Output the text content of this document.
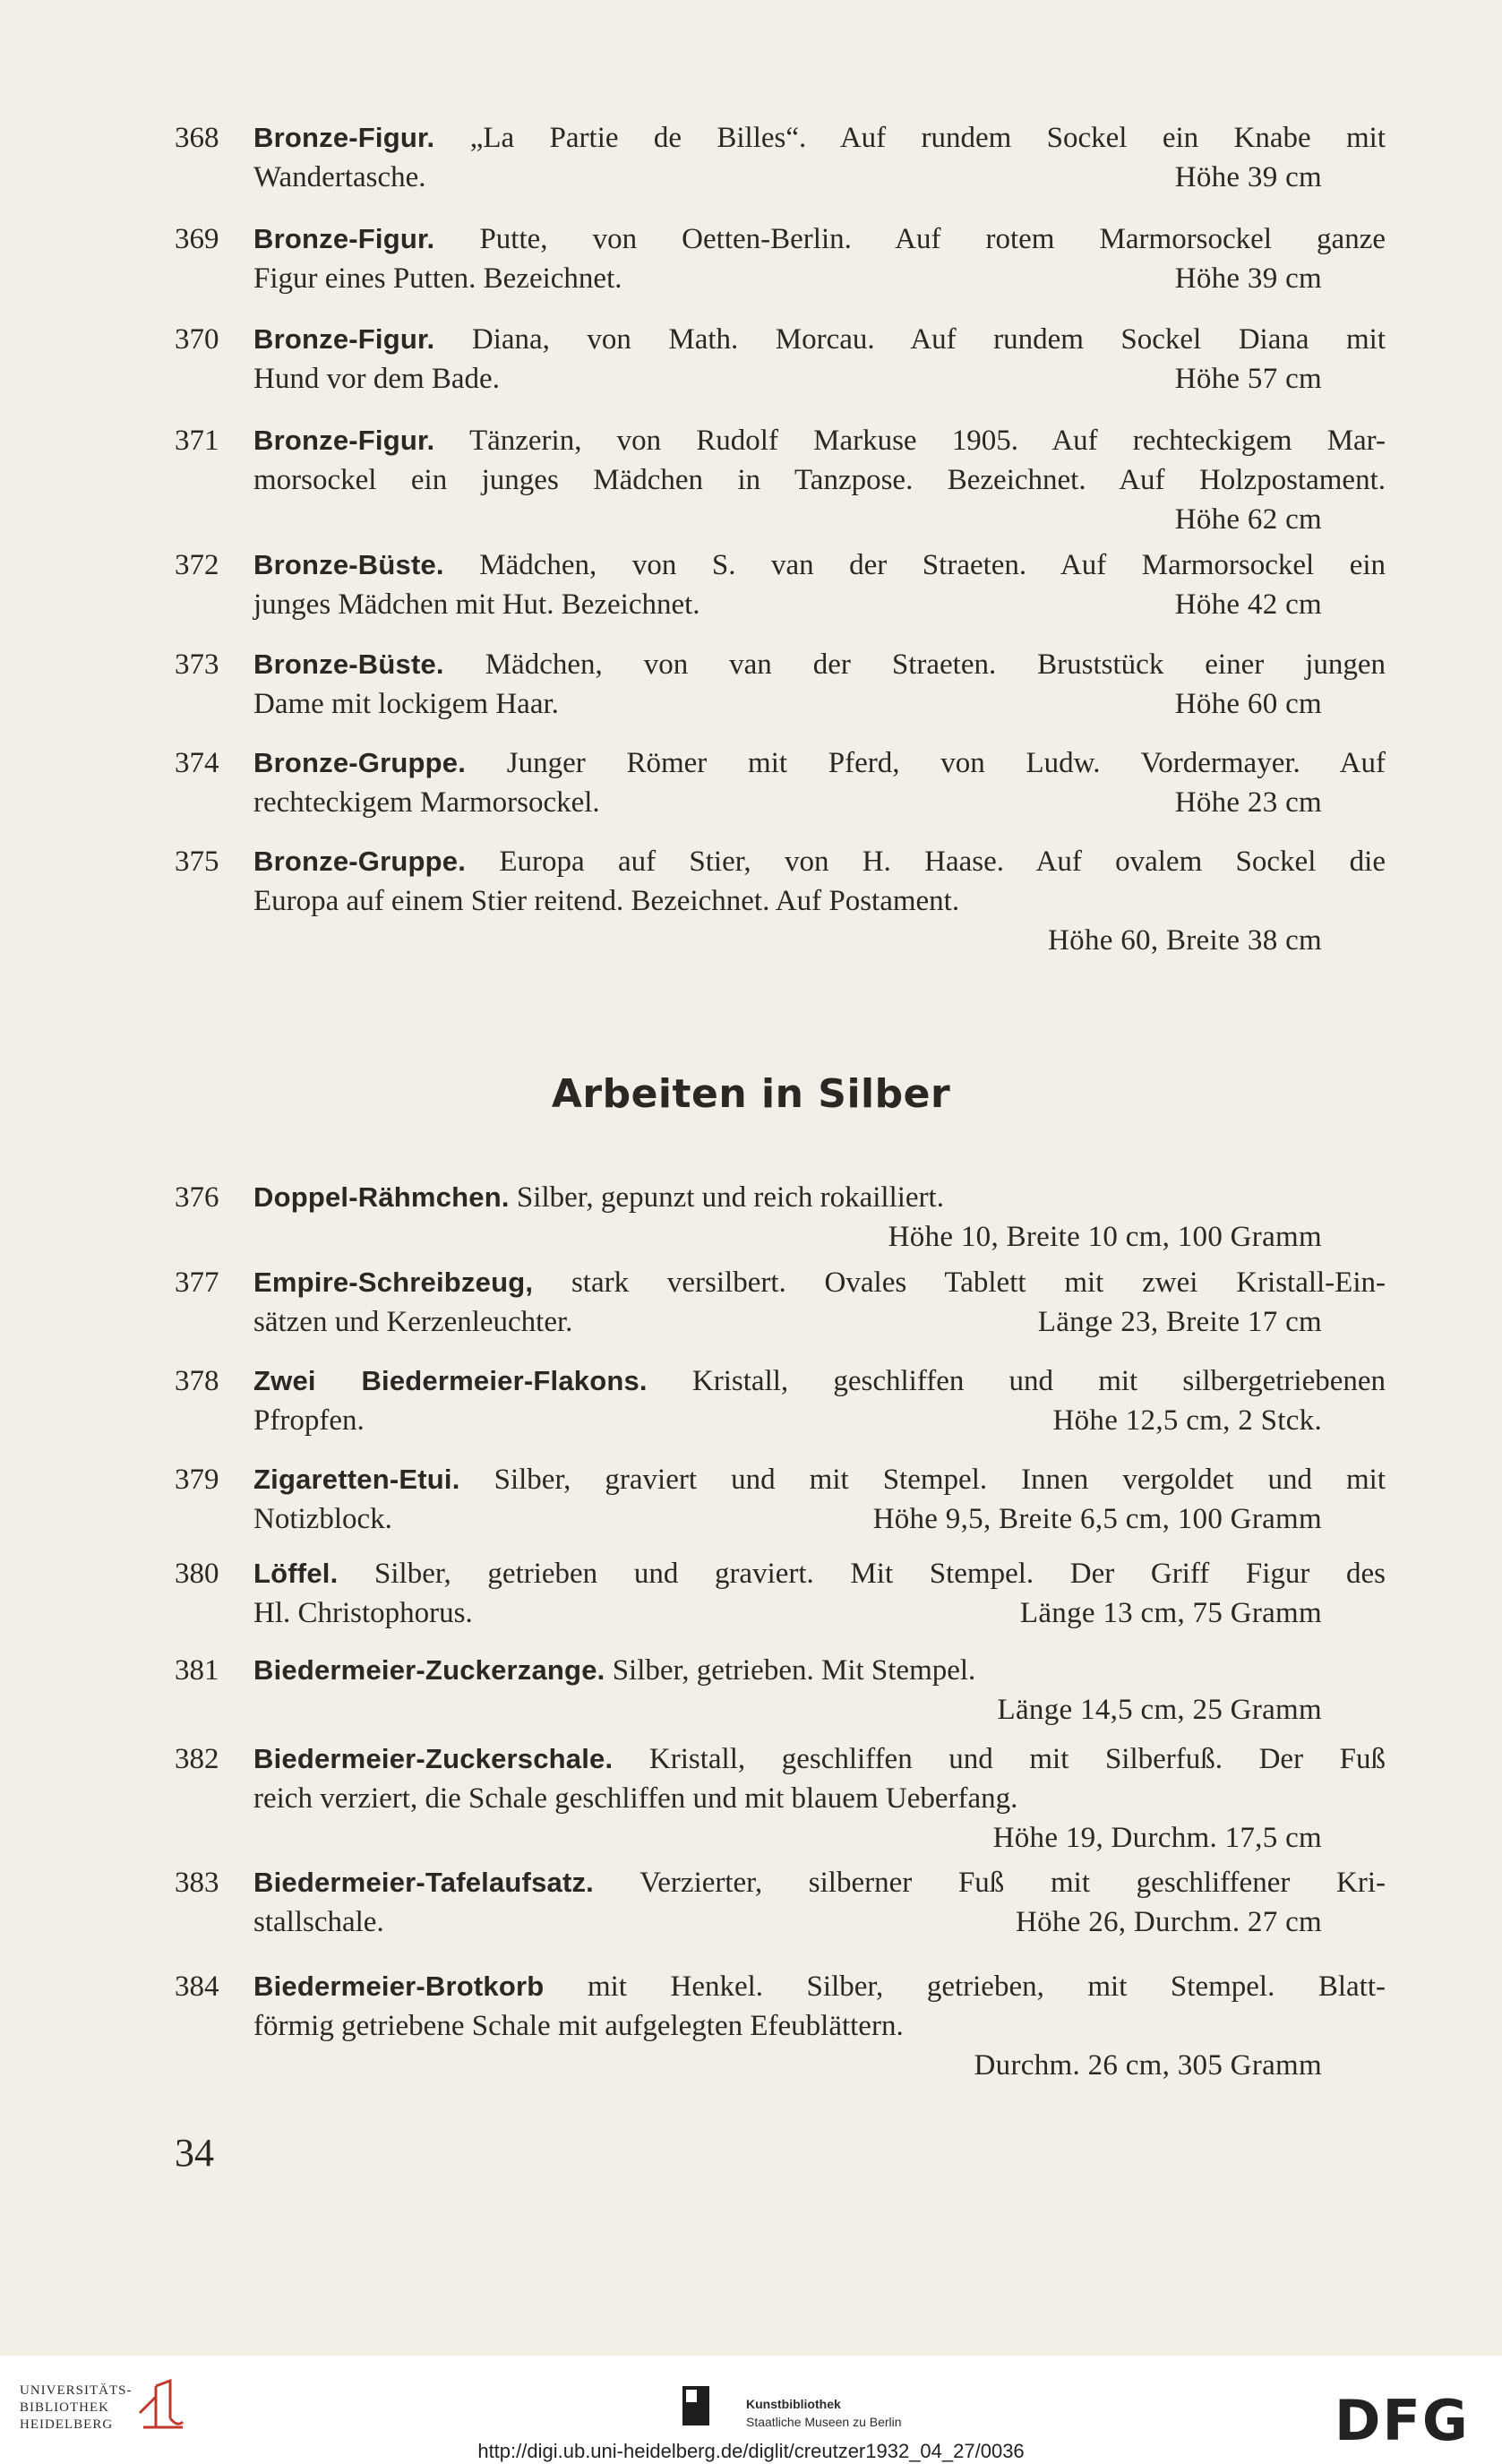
368	Bronze-Figur. „La Partie de Billes“. Auf rundem Sockel ein Knabe mit
Wandertasche.	Höhe 39 cm
369	Bronze-Figur. Putte, von Oetten-Berlin. Auf rotem Marmorsockel ganze
Figur eines Putten. Bezeichnet.	Höhe 39 cm
370	Bronze-Figur. Diana, von Math. Morcau. Auf rundem Sockel Diana mit
Hund vor dem Bade.	Höhe 57 cm
371	Bronze-Figur. Tänzerin, von Rudolf Markuse 1905. Auf rechteckigem Mar-
morsockel ein junges Mädchen in Tanzpose. Bezeichnet. Auf Holzpostament.
Höhe 62 cm
372	Bronze-Büste. Mädchen, von S. van der Straeten. Auf Marmorsockel ein
junges Mädchen mit Hut. Bezeichnet.	Höhe 42 cm
373	Bronze-Büste. Mädchen, von van der Straeten. Bruststück einer jungen
Dame mit lockigem Haar.	Höhe 60 cm
374	Bronze-Gruppe. Junger Römer mit Pferd, von Ludw. Vordermayer. Auf
rechteckigem Marmorsockel.	Höhe 23 cm
375	Bronze-Gruppe. Europa auf Stier, von H. Haase. Auf ovalem Sockel die
Europa auf einem Stier reitend. Bezeichnet. Auf Postament.
Höhe 60, Breite 38 cm
Arbeiten in Silber
376	Doppel-Rähmchen. Silber, gepunzt und reich rokailliert.
Höhe 10, Breite 10 cm, 100 Gramm
377	Empire-Schreibzeug, stark versilbert. Ovales Tablett mit zwei Kristall-Ein-
sätzen und Kerzenleuchter.	Länge 23, Breite 17 cm
378	Zwei Biedermeier-Flakons. Kristall, geschliffen und mit silbergetriebenen
Pfropfen.	Höhe 12,5 cm, 2 Stck.
379	Zigaretten-Etui. Silber, graviert und mit Stempel. Innen vergoldet und mit
Notizblock.	Höhe 9,5, Breite 6,5 cm, 100 Gramm
380	Löffel. Silber, getrieben und graviert. Mit Stempel. Der Griff Figur des
Hl. Christophorus.	Länge 13 cm, 75 Gramm
381	Biedermeier-Zuckerzange. Silber, getrieben. Mit Stempel.
Länge 14,5 cm, 25 Gramm
382	Biedermeier-Zuckerschale. Kristall, geschliffen und mit Silberfuß. Der Fuß
reich verziert, die Schale geschliffen und mit blauem Ueberfang.
Höhe 19, Durchm. 17,5 cm
383	Biedermeier-Tafelaufsatz. Verzierter, silberner Fuß mit geschliffener Kri-
stallschale.	Höhe 26, Durchm. 27 cm
384	Biedermeier-Brotkorb mit Henkel. Silber, getrieben, mit Stempel. Blatt-
förmig getriebene Schale mit aufgelegten Efeublättern.
Durchm. 26 cm, 305 Gramm
34
UNIVERSITÄTS-
BIBLIOTHEK
HEIDELBERG
Kunstbibliothek
Staatliche Museen zu Berlin	DFG
http://digi.ub.uni-heidelberg.de/diglit/creutzer1932_04_27/0036
